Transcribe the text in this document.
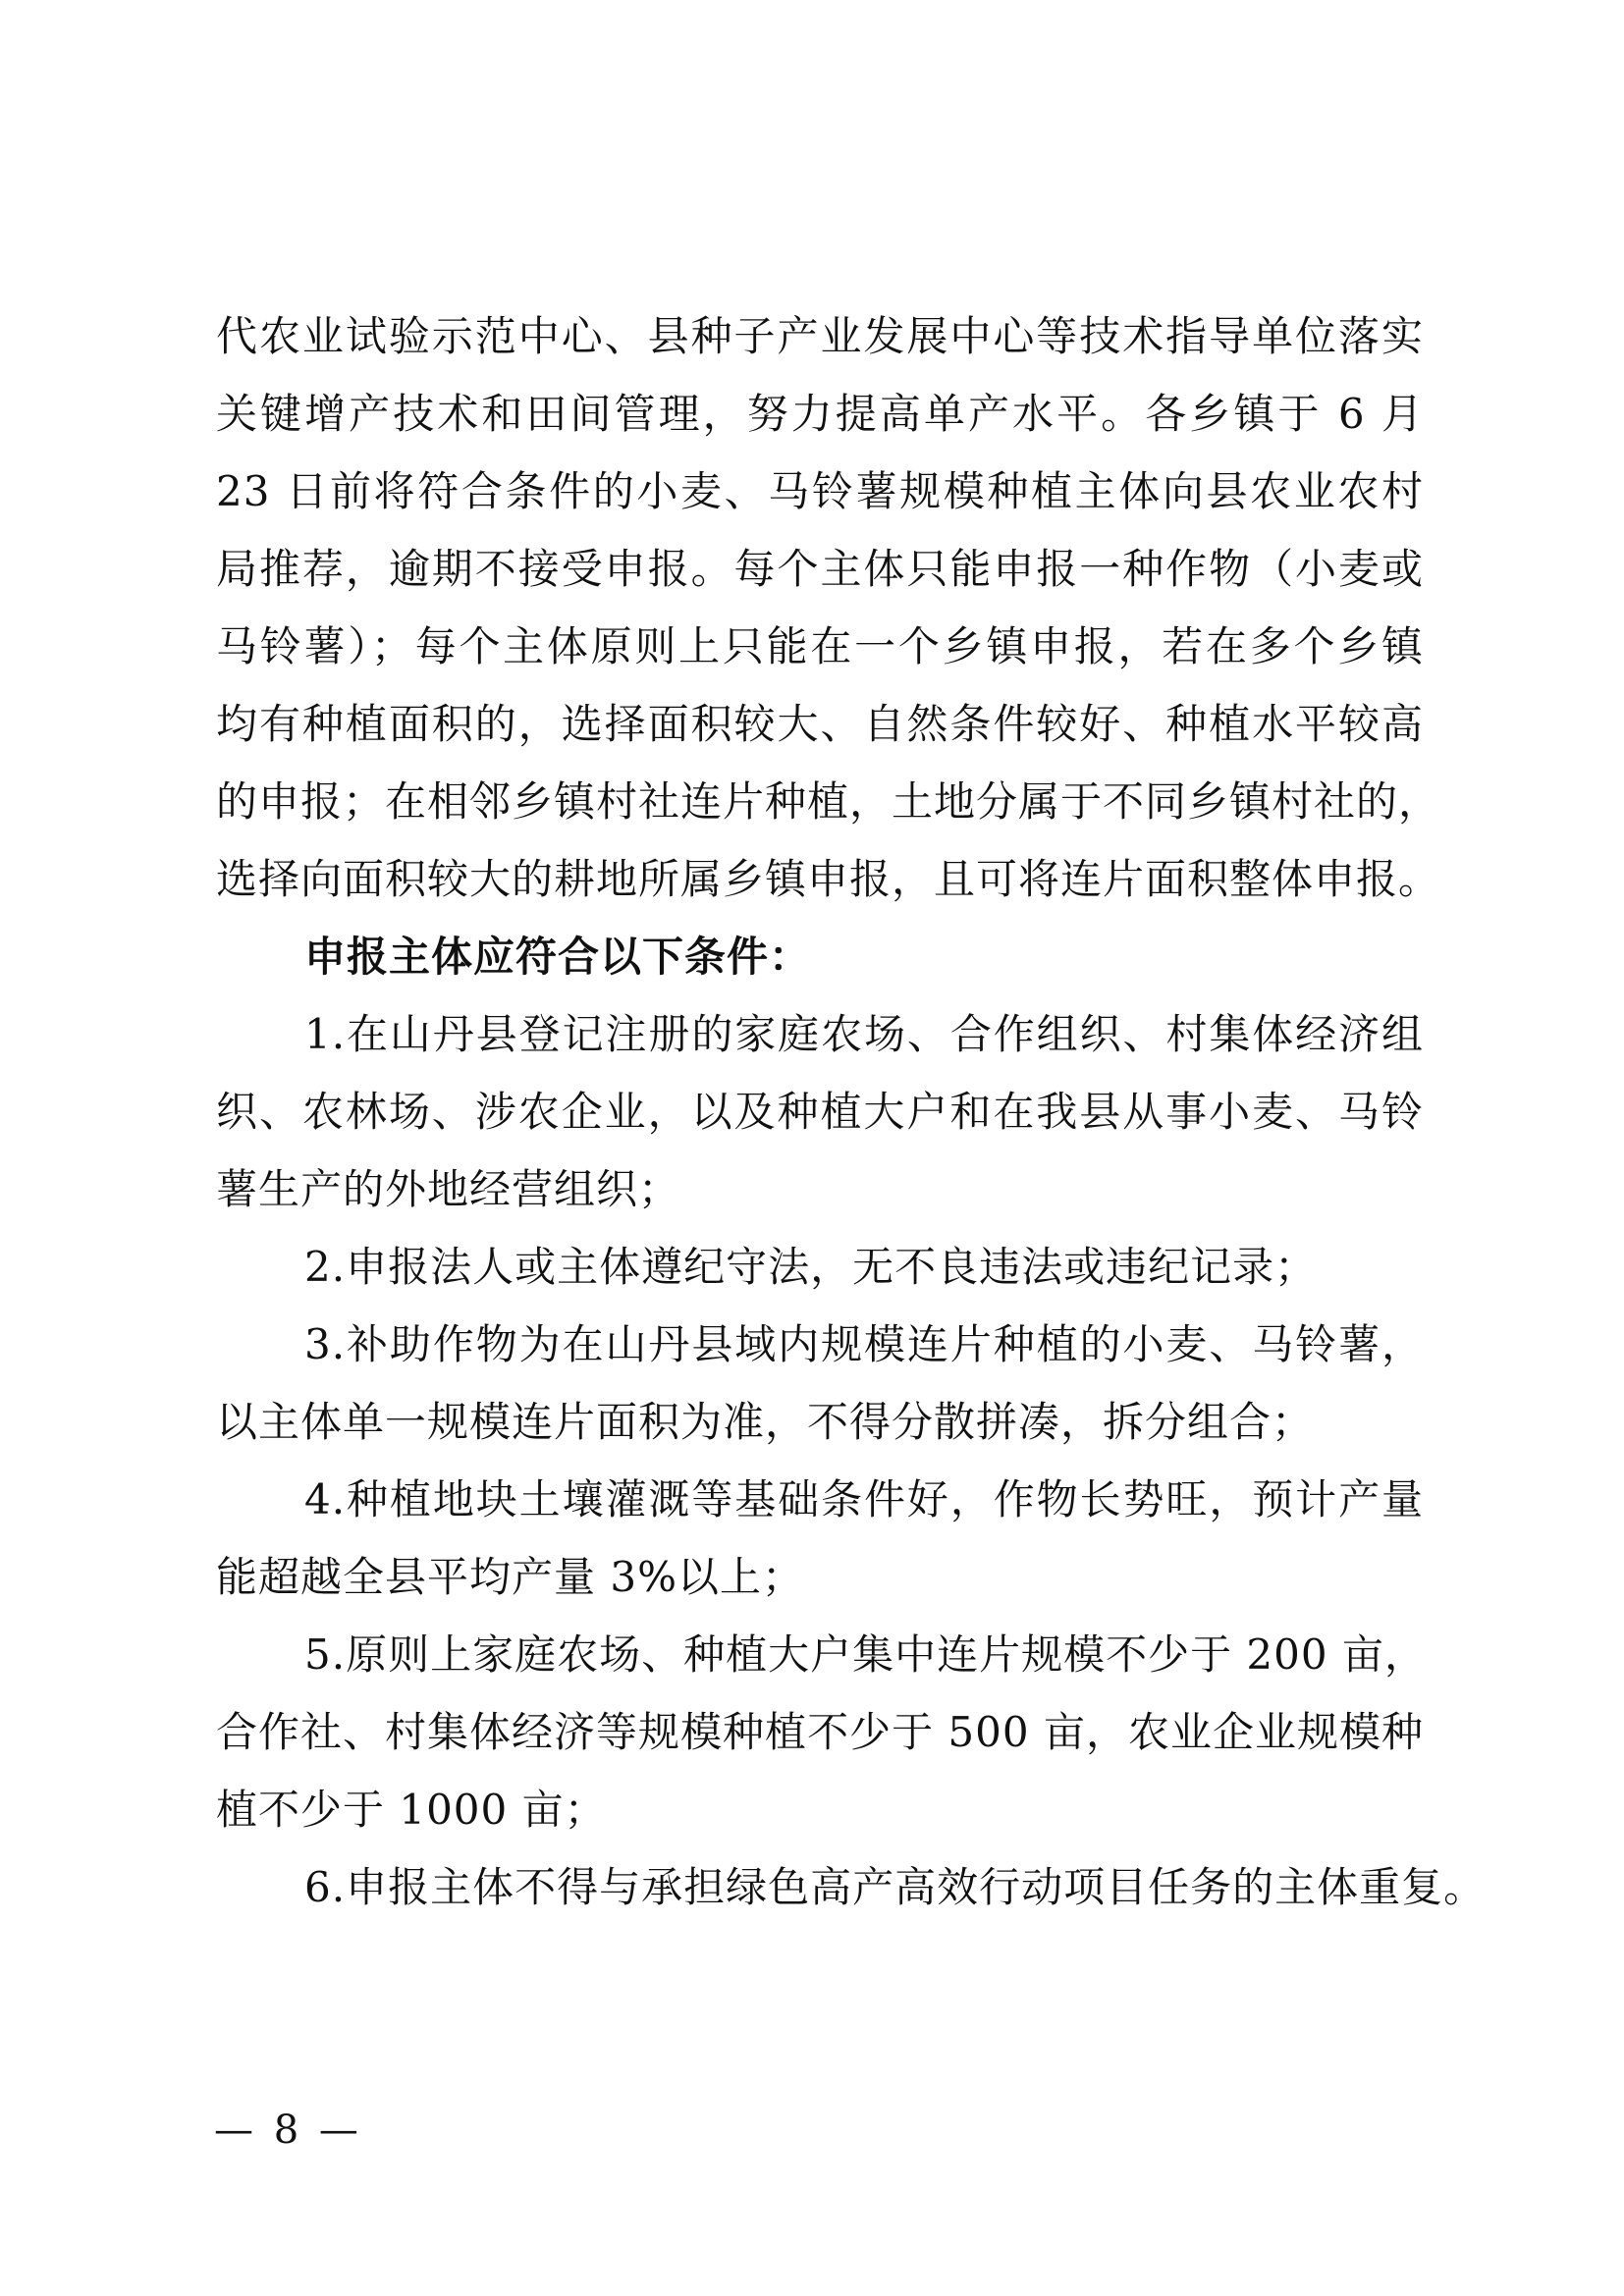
代农业试验示范中心、县种子产业发展中心等技术指导单位落实
关键增产技术和田间管理，努力提高单产水平。各乡镇于 6 月
23 日前将符合条件的小麦、马铃薯规模种植主体向县农业农村
局推荐，逾期不接受申报。每个主体只能申报一种作物（小麦或
马铃薯）；每个主体原则上只能在一个乡镇申报，若在多个乡镇
均有种植面积的，选择面积较大、自然条件较好、种植水平较高
的申报；在相邻乡镇村社连片种植，土地分属于不同乡镇村社的，
选择向面积较大的耕地所属乡镇申报，且可将连片面积整体申报。
申报主体应符合以下条件：
1.在山丹县登记注册的家庭农场、合作组织、村集体经济组
织、农林场、涉农企业，以及种植大户和在我县从事小麦、马铃
薯生产的外地经营组织；
2.申报法人或主体遵纪守法，无不良违法或违纪记录；
3.补助作物为在山丹县域内规模连片种植的小麦、马铃薯，
以主体单一规模连片面积为准，不得分散拼凑，拆分组合；
4.种植地块土壤灌溉等基础条件好，作物长势旺，预计产量
能超越全县平均产量 3%以上；
5.原则上家庭农场、种植大户集中连片规模不少于 200 亩，
合作社、村集体经济等规模种植不少于 500 亩，农业企业规模种
植不少于 1000 亩；
6.申报主体不得与承担绿色高产高效行动项目任务的主体重复。
— 8 —
